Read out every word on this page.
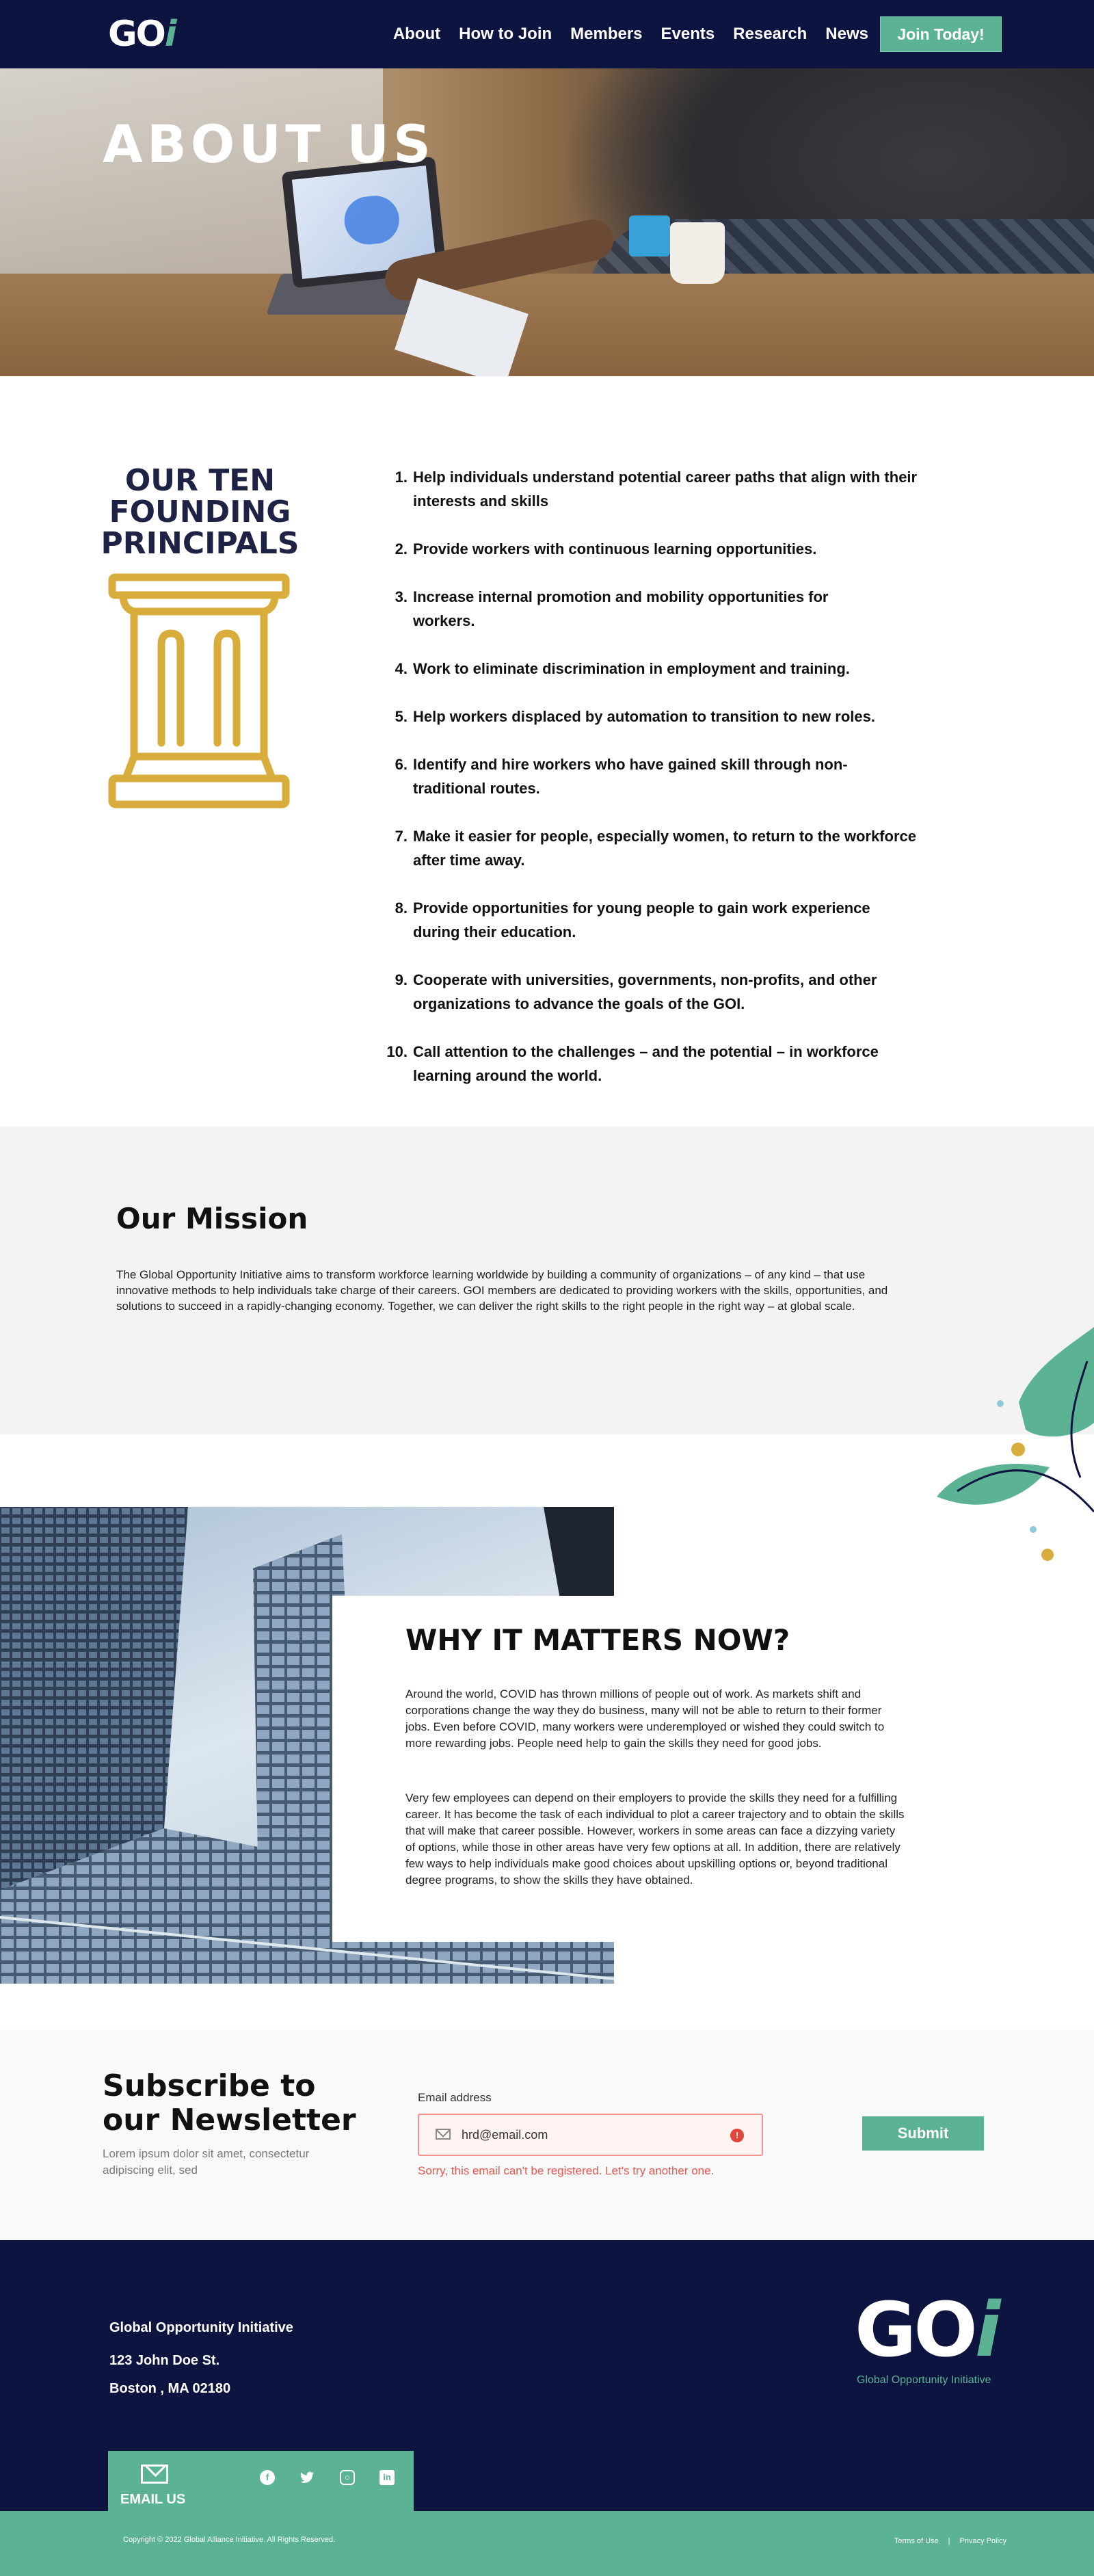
GOi	About How to Join Members Events Research News	Join Today!
ABOUT US
OUR TEN FOUNDING PRINCIPALS
1. Help individuals understand potential career paths that align with their interests and skills
2. Provide workers with continuous learning opportunities.
3. Increase internal promotion and mobility opportunities for workers.
4. Work to eliminate discrimination in employment and training.
5. Help workers displaced by automation to transition to new roles.
6. Identify and hire workers who have gained skill through non-traditional routes.
7. Make it easier for people, especially women, to return to the workforce after time away.
8. Provide opportunities for young people to gain work experience during their education.
9. Cooperate with universities, governments, non-profits, and other organizations to advance the goals of the GOI.
10. Call attention to the challenges – and the potential – in workforce learning around the world.
Our Mission

The Global Opportunity Initiative aims to transform workforce learning worldwide by building a community of organizations – of any kind – that use innovative methods to help individuals take charge of their careers. GOI members are dedicated to providing workers with the skills, opportunities, and solutions to succeed in a rapidly-changing economy. Together, we can deliver the right skills to the right people in the right way – at global scale.

WHY IT MATTERS NOW?

Around the world, COVID has thrown millions of people out of work. As markets shift and corporations change the way they do business, many will not be able to return to their former jobs. Even before COVID, many workers were underemployed or wished they could switch to more rewarding jobs. People need help to gain the skills they need for good jobs.

Very few employees can depend on their employers to provide the skills they need for a fulfilling career. It has become the task of each individual to plot a career trajectory and to obtain the skills that will make that career possible. However, workers in some areas can face a dizzying variety of options, while those in other areas have very few options at all. In addition, there are relatively few ways to help individuals make good choices about upskilling options or, beyond traditional degree programs, to show the skills they have obtained.

Subscribe to our Newsletter

Lorem ipsum dolor sit amet, consectetur adipiscing elit, sed

Email address
hrd@email.com
!
Sorry, this email can't be registered. Let's try another one.
Submit
Global Opportunity Initiative
123 John Doe St.
Boston , MA 02180
GOi
Global Opportunity Initiative
EMAIL US
f	○	in
Copyright © 2022 Global Alliance Initiative. All Rights Reserved.	Terms of Use | Privacy Policy
